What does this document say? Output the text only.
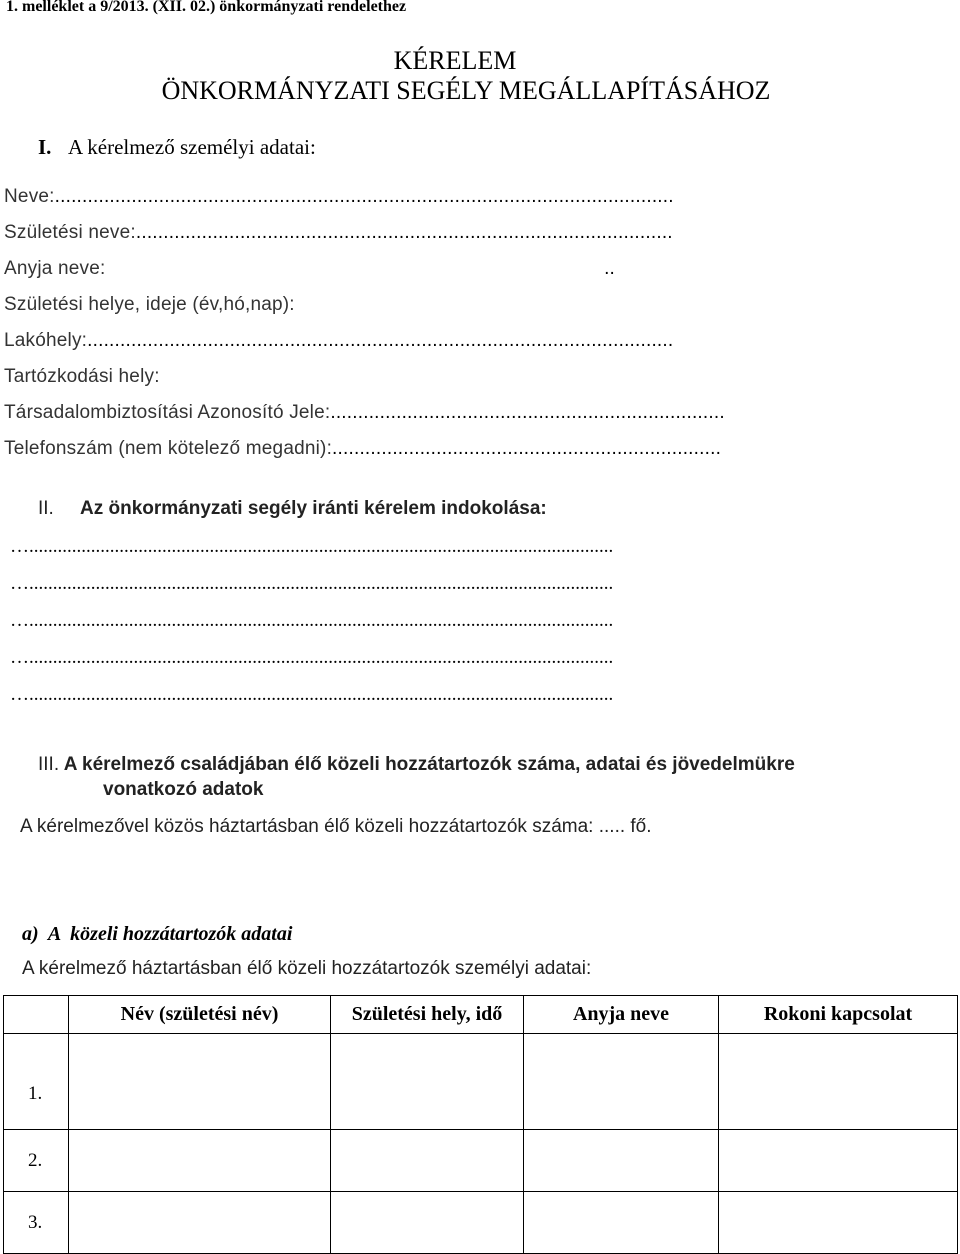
1. melléklet a 9/2013. (XII. 02.) önkormányzati rendelethez
KÉRELEM
ÖNKORMÁNYZATI SEGÉLY MEGÁLLAPÍTÁSÁHOZ
I. A kérelmező személyi adatai:
Neve:.................................................................................................................
Születési neve:..................................................................................................
Anyja neve:                                                                                           ..
Születési helye, ideje (év,hó,nap):
Lakóhely:...........................................................................................................
Tartózkodási hely:
Társadalombiztosítási Azonosító Jele:........................................................................
Telefonszám (nem kötelező megadni):.......................................................................
II. Az önkormányzati segély iránti kérelem indokolása:
…...........................................................................................................................
…...........................................................................................................................
…...........................................................................................................................
…...........................................................................................................................
…...........................................................................................................................
III. A kérelmező családjában élő közeli hozzátartozók száma, adatai és jövedelmükre
vonatkozó adatok
A kérelmezővel közös háztartásban élő közeli hozzátartozók száma: ..... fő.
a)  A  közeli hozzátartozók adatai
A kérelmező háztartásban élő közeli hozzátartozók személyi adatai:
	Név (születési név)	Születési hely, idő	Anyja neve	Rokoni kapcsolat
1.				
2.				
3.				
